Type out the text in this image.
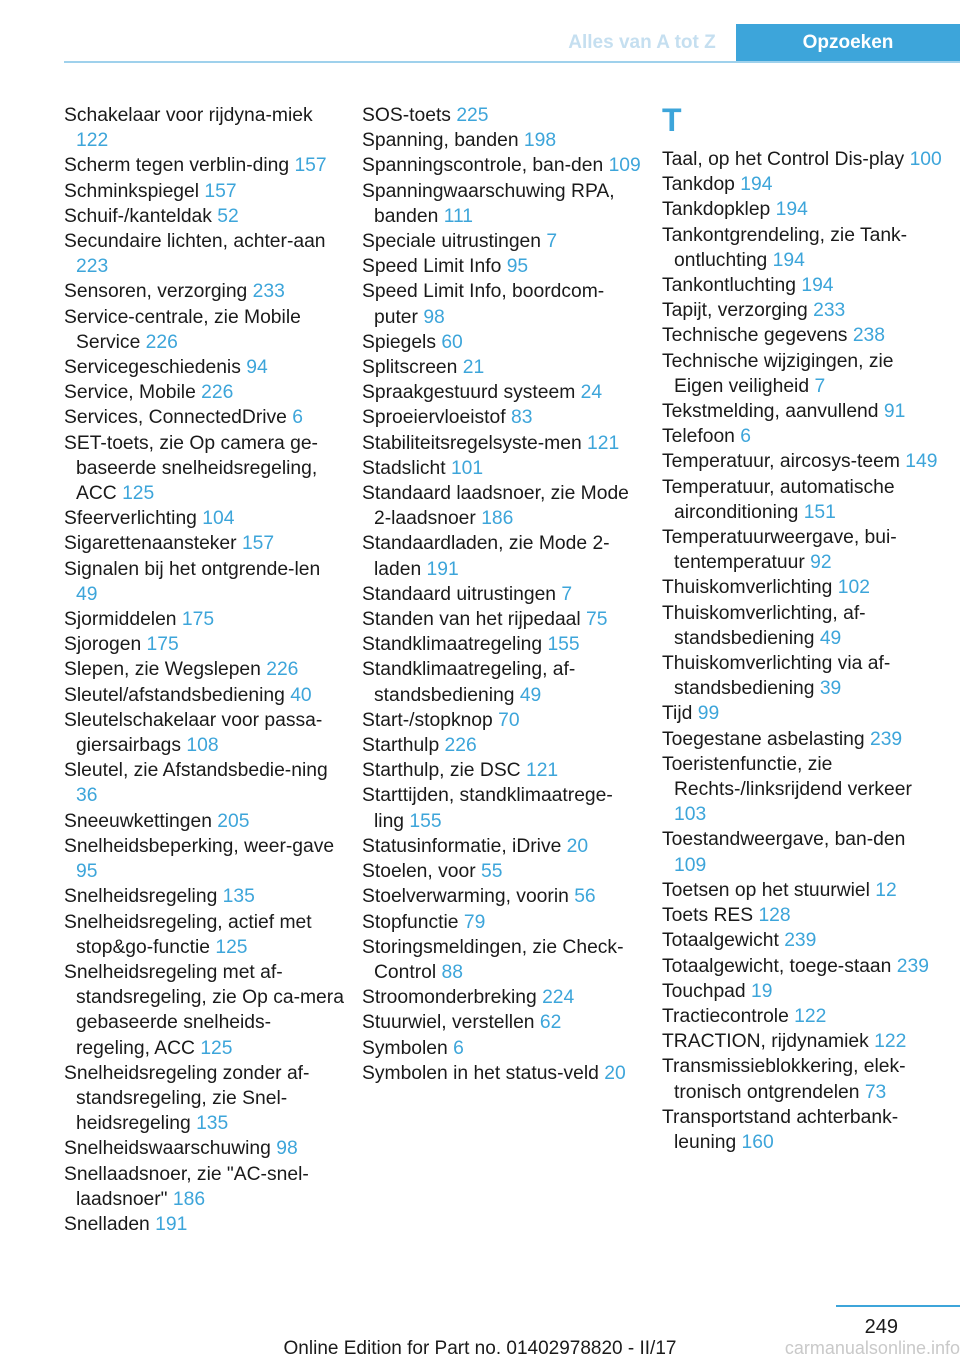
Alles van A tot Z	Opzoeken
Schakelaar voor rijdyna-miek 122
Scherm tegen verblin-ding 157
Schminkspiegel 157
Schuif-/kanteldak 52
Secundaire lichten, achter-aan 223
Sensoren, verzorging 233
Service-centrale, zie Mobile Service 226
Servicegeschiedenis 94
Service, Mobile 226
Services, ConnectedDrive 6
SET-toets, zie Op camera ge-baseerde snelheidsregeling, ACC 125
Sfeerverlichting 104
Sigarettenaansteker 157
Signalen bij het ontgrende-len 49
Sjormiddelen 175
Sjorogen 175
Slepen, zie Wegslepen 226
Sleutel/afstandsbediening 40
Sleutelschakelaar voor passa-giersairbags 108
Sleutel, zie Afstandsbedie-ning 36
Sneeuwkettingen 205
Snelheidsbeperking, weer-gave 95
Snelheidsregeling 135
Snelheidsregeling, actief met stop&go-functie 125
Snelheidsregeling met af-standsregeling, zie Op ca-mera gebaseerde snelheids-regeling, ACC 125
Snelheidsregeling zonder af-standsregeling, zie Snel-heidsregeling 135
Snelheidswaarschuwing 98
Snellaadsnoer, zie "AC-snel-laadsnoer" 186
Snelladen 191
SOS-toets 225
Spanning, banden 198
Spanningscontrole, ban-den 109
Spanningwaarschuwing RPA, banden 111
Speciale uitrustingen 7
Speed Limit Info 95
Speed Limit Info, boordcom-puter 98
Spiegels 60
Splitscreen 21
Spraakgestuurd systeem 24
Sproeiervloeistof 83
Stabiliteitsregelsyste-men 121
Stadslicht 101
Standaard laadsnoer, zie Mode 2-laadsnoer 186
Standaardladen, zie Mode 2-laden 191
Standaard uitrustingen 7
Standen van het rijpedaal 75
Standklimaatregeling 155
Standklimaatregeling, af-standsbediening 49
Start-/stopknop 70
Starthulp 226
Starthulp, zie DSC 121
Starttijden, standklimaatrege-ling 155
Statusinformatie, iDrive 20
Stoelen, voor 55
Stoelverwarming, voorin 56
Stopfunctie 79
Storingsmeldingen, zie Check-Control 88
Stroomonderbreking 224
Stuurwiel, verstellen 62
Symbolen 6
Symbolen in het status-veld 20
T
Taal, op het Control Dis-play 100
Tankdop 194
Tankdopklep 194
Tankontgrendeling, zie Tank-ontluchting 194
Tankontluchting 194
Tapijt, verzorging 233
Technische gegevens 238
Technische wijzigingen, zie Eigen veiligheid 7
Tekstmelding, aanvullend 91
Telefoon 6
Temperatuur, aircosys-teem 149
Temperatuur, automatische airconditioning 151
Temperatuurweergave, bui-tentemperatuur 92
Thuiskomverlichting 102
Thuiskomverlichting, af-standsbediening 49
Thuiskomverlichting via af-standsbediening 39
Tijd 99
Toegestane asbelasting 239
Toeristenfunctie, zie Rechts-/linksrijdend verkeer 103
Toestandweergave, ban-den 109
Toetsen op het stuurwiel 12
Toets RES 128
Totaalgewicht 239
Totaalgewicht, toege-staan 239
Touchpad 19
Tractiecontrole 122
TRACTION, rijdynamiek 122
Transmissieblokkering, elek-tronisch ontgrendelen 73
Transportstand achterbank-leuning 160
249
Online Edition for Part no. 01402978820 - II/17	carmanualsonline.info
